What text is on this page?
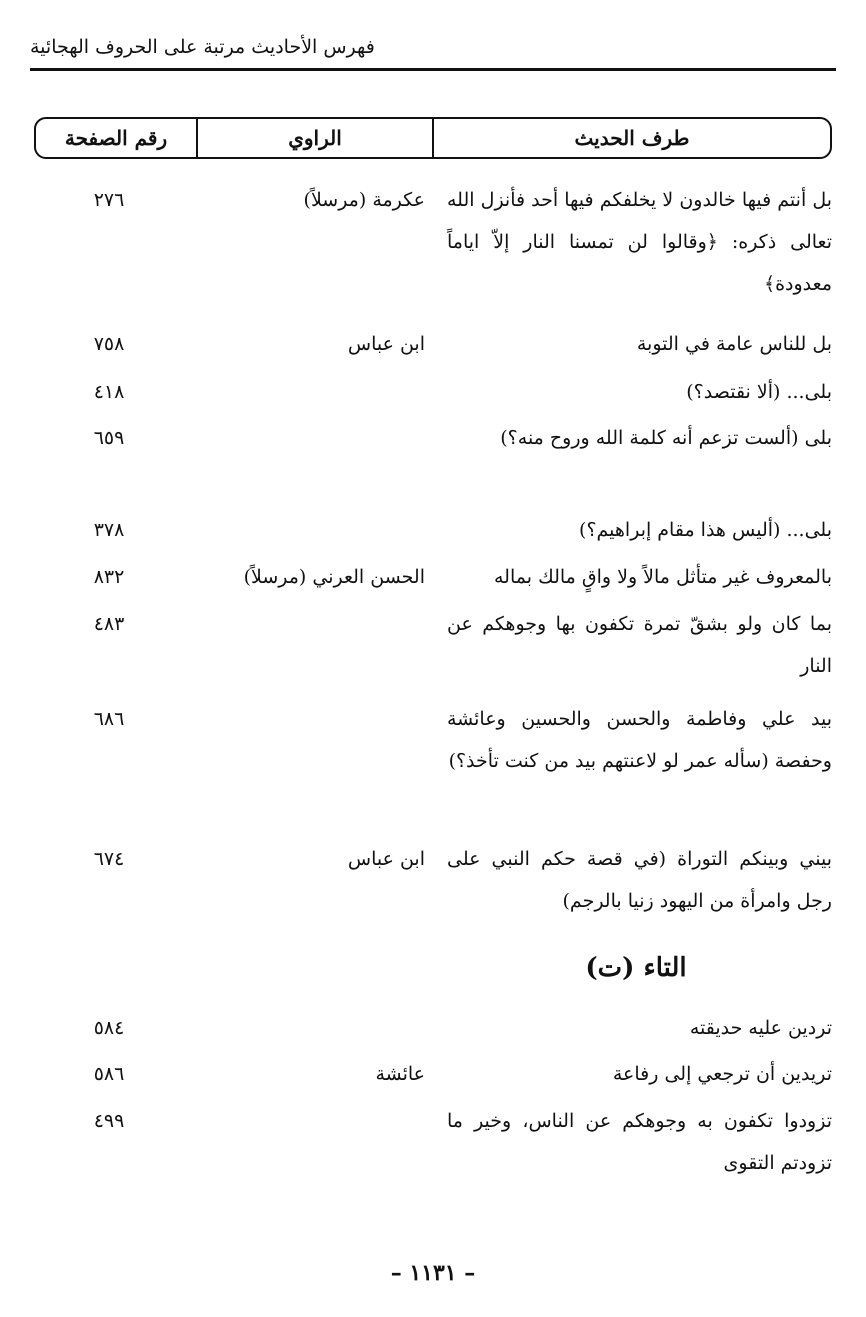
فهرس الأحاديث مرتبة على الحروف الهجائية
طرف الحديث
الراوي
رقم الصفحة
بل أنتم فيها خالدون لا يخلفكم فيها أحد فأنزل الله تعالى ذكره: ﴿وقالوا لن تمسنا النار إلاّ اياماً معدودة﴾
عكرمة (مرسلاً)
٢٧٦
بل للناس عامة في التوبة
ابن عباس
٧٥٨
بلى... (ألا نقتصد؟)
٤١٨
بلى (ألست تزعم أنه كلمة الله وروح منه؟)
٦٥٩
بلى... (أليس هذا مقام إبراهيم؟)
٣٧٨
بالمعروف غير متأثل مالاً ولا واقٍ مالك بماله
الحسن العرني (مرسلاً)
٨٣٢
بما كان ولو بشقّ تمرة تكفون بها وجوهكم عن النار
٤٨٣
بيد علي وفاطمة والحسن والحسين وعائشة وحفصة (سأله عمر لو لاعنتهم بيد من كنت تأخذ؟)
٦٨٦
بيني وبينكم التوراة (في قصة حكم النبي على رجل وامرأة من اليهود زنيا بالرجم)
ابن عباس
٦٧٤
التاء (ت)
تردين عليه حديقته
٥٨٤
تريدين أن ترجعي إلى رفاعة
عائشة
٥٨٦
تزودوا تكفون به وجوهكم عن الناس، وخير ما تزودتم التقوى
٤٩٩
– ١١٣١ –
